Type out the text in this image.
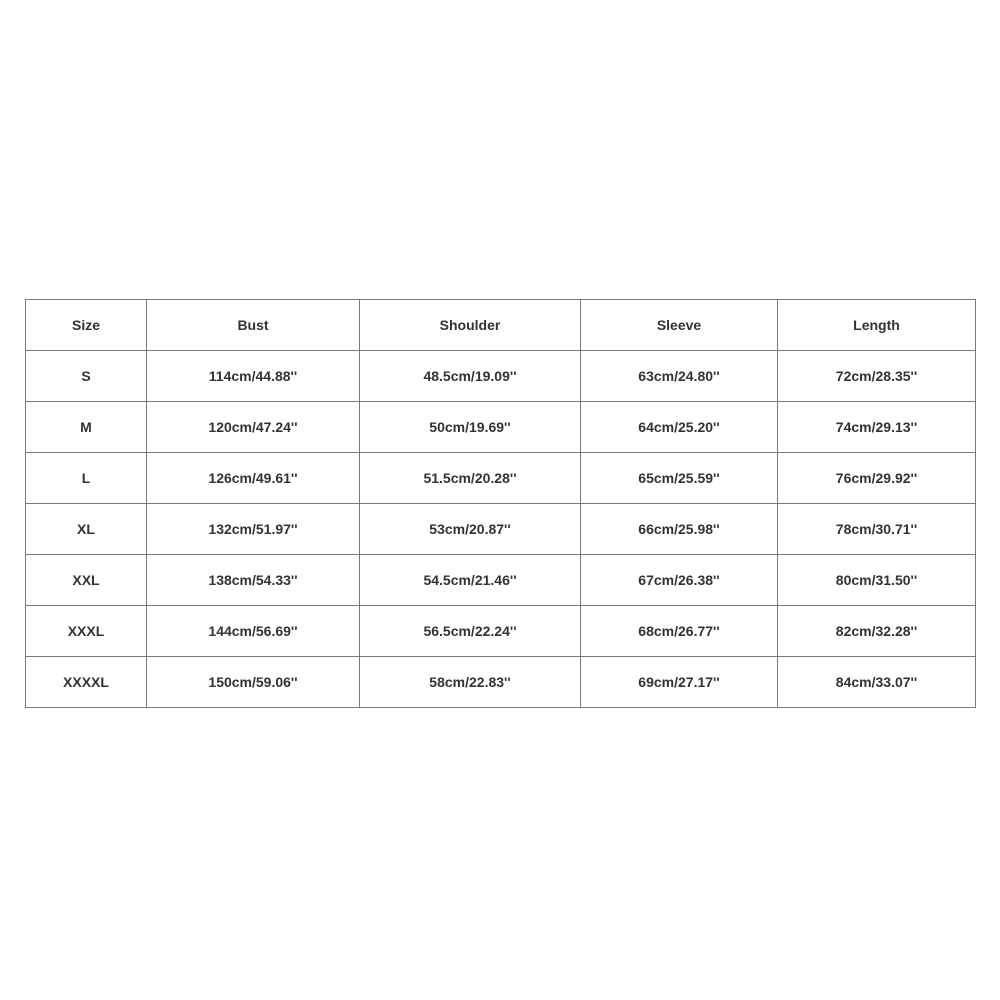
Size	Bust	Shoulder	Sleeve	Length
S	114cm/44.88''	48.5cm/19.09''	63cm/24.80''	72cm/28.35''
M	120cm/47.24''	50cm/19.69''	64cm/25.20''	74cm/29.13''
L	126cm/49.61''	51.5cm/20.28''	65cm/25.59''	76cm/29.92''
XL	132cm/51.97''	53cm/20.87''	66cm/25.98''	78cm/30.71''
XXL	138cm/54.33''	54.5cm/21.46''	67cm/26.38''	80cm/31.50''
XXXL	144cm/56.69''	56.5cm/22.24''	68cm/26.77''	82cm/32.28''
XXXXL	150cm/59.06''	58cm/22.83''	69cm/27.17''	84cm/33.07''
